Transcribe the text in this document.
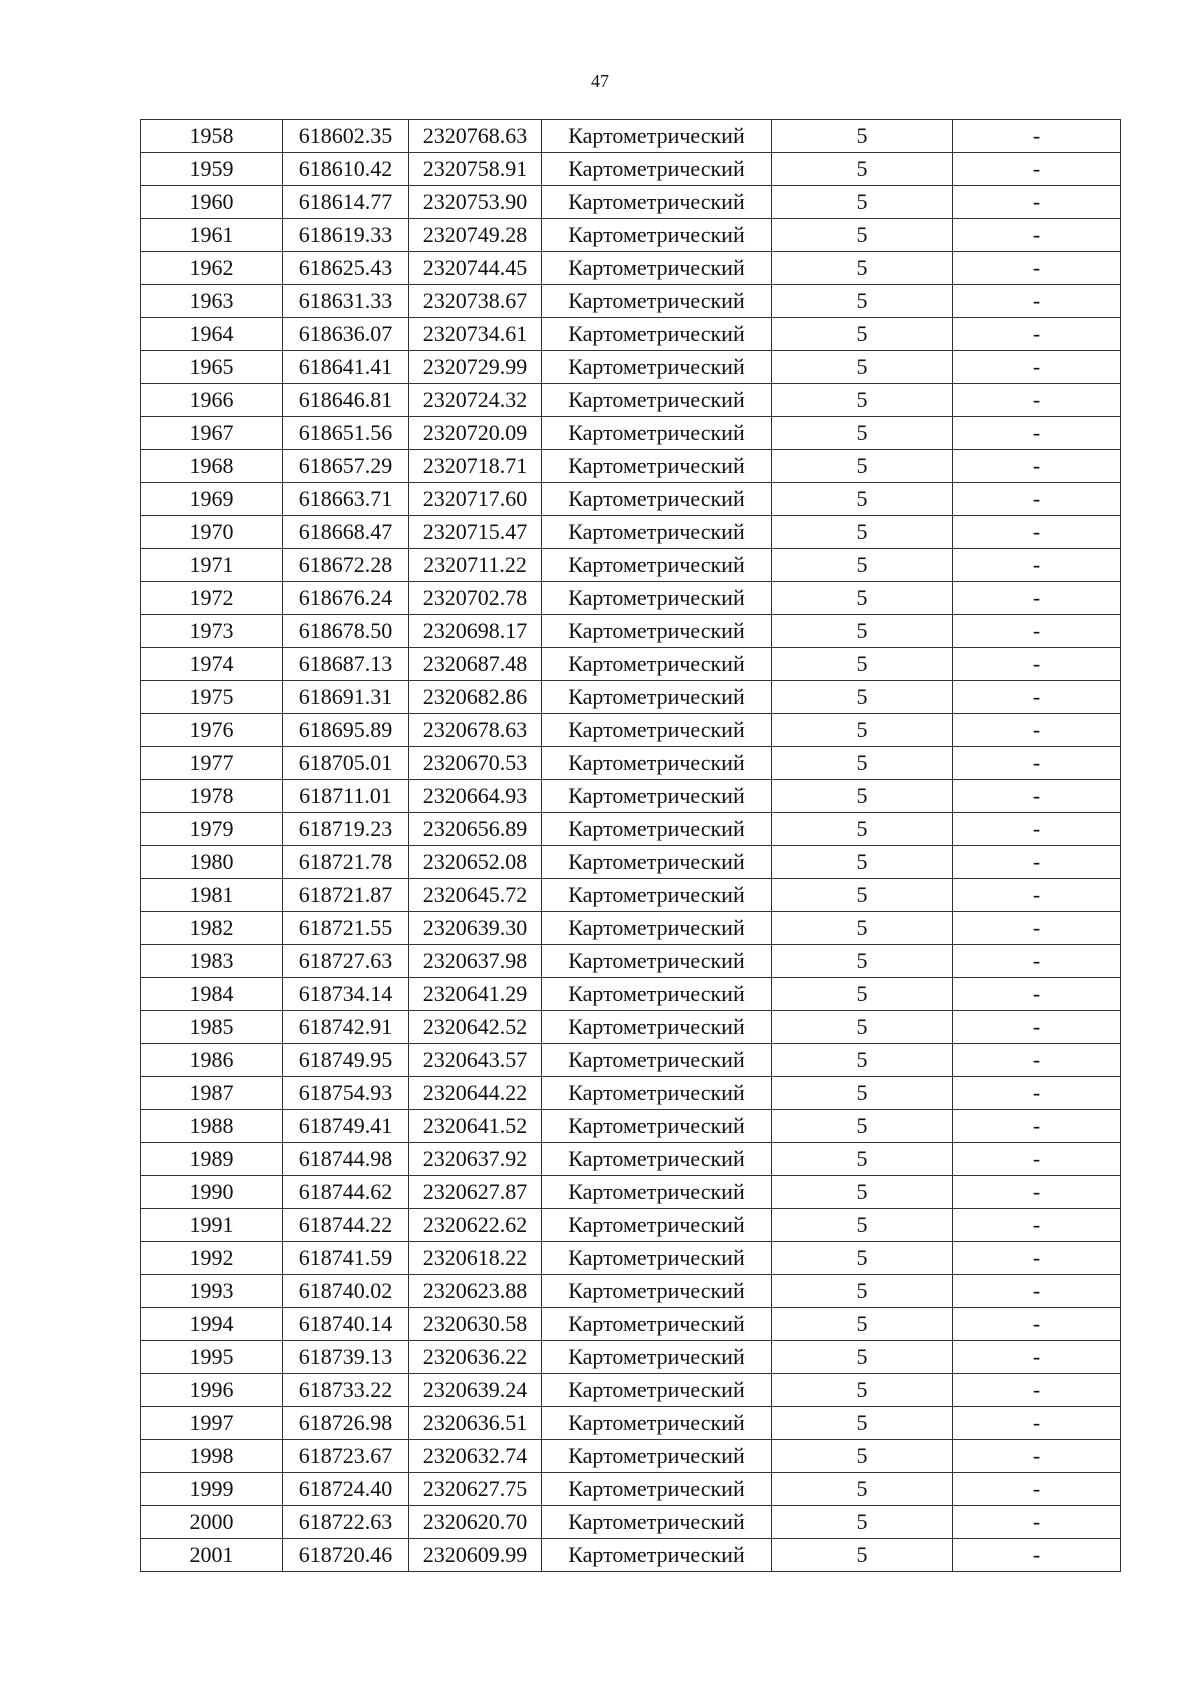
47
1958	618602.35	2320768.63	Картометрический	5	-
1959	618610.42	2320758.91	Картометрический	5	-
1960	618614.77	2320753.90	Картометрический	5	-
1961	618619.33	2320749.28	Картометрический	5	-
1962	618625.43	2320744.45	Картометрический	5	-
1963	618631.33	2320738.67	Картометрический	5	-
1964	618636.07	2320734.61	Картометрический	5	-
1965	618641.41	2320729.99	Картометрический	5	-
1966	618646.81	2320724.32	Картометрический	5	-
1967	618651.56	2320720.09	Картометрический	5	-
1968	618657.29	2320718.71	Картометрический	5	-
1969	618663.71	2320717.60	Картометрический	5	-
1970	618668.47	2320715.47	Картометрический	5	-
1971	618672.28	2320711.22	Картометрический	5	-
1972	618676.24	2320702.78	Картометрический	5	-
1973	618678.50	2320698.17	Картометрический	5	-
1974	618687.13	2320687.48	Картометрический	5	-
1975	618691.31	2320682.86	Картометрический	5	-
1976	618695.89	2320678.63	Картометрический	5	-
1977	618705.01	2320670.53	Картометрический	5	-
1978	618711.01	2320664.93	Картометрический	5	-
1979	618719.23	2320656.89	Картометрический	5	-
1980	618721.78	2320652.08	Картометрический	5	-
1981	618721.87	2320645.72	Картометрический	5	-
1982	618721.55	2320639.30	Картометрический	5	-
1983	618727.63	2320637.98	Картометрический	5	-
1984	618734.14	2320641.29	Картометрический	5	-
1985	618742.91	2320642.52	Картометрический	5	-
1986	618749.95	2320643.57	Картометрический	5	-
1987	618754.93	2320644.22	Картометрический	5	-
1988	618749.41	2320641.52	Картометрический	5	-
1989	618744.98	2320637.92	Картометрический	5	-
1990	618744.62	2320627.87	Картометрический	5	-
1991	618744.22	2320622.62	Картометрический	5	-
1992	618741.59	2320618.22	Картометрический	5	-
1993	618740.02	2320623.88	Картометрический	5	-
1994	618740.14	2320630.58	Картометрический	5	-
1995	618739.13	2320636.22	Картометрический	5	-
1996	618733.22	2320639.24	Картометрический	5	-
1997	618726.98	2320636.51	Картометрический	5	-
1998	618723.67	2320632.74	Картометрический	5	-
1999	618724.40	2320627.75	Картометрический	5	-
2000	618722.63	2320620.70	Картометрический	5	-
2001	618720.46	2320609.99	Картометрический	5	-
